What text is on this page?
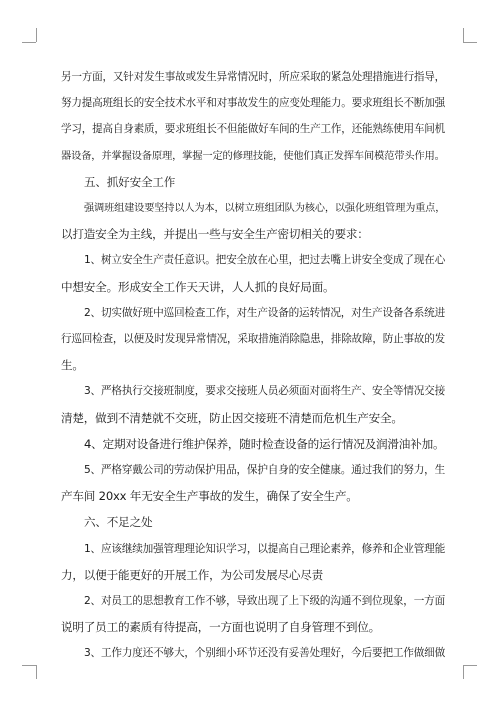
另一方面，又针对发生事故或发生异常情况时，所应采取的紧急处理措施进行指导，
努力提高班组长的安全技术水平和对事故发生的应变处理能力。要求班组长不断加强
学习，提高自身素质，要求班组长不但能做好车间的生产工作，还能熟练使用车间机
器设备，并掌握设备原理，掌握一定的修理技能，使他们真正发挥车间模范带头作用。
五、抓好安全工作
强调班组建设要坚持以人为本，以树立班组团队为核心，以强化班组管理为重点，
以打造安全为主线，并提出一些与安全生产密切相关的要求：
1、树立安全生产责任意识。把安全放在心里，把过去嘴上讲安全变成了现在心
中想安全。形成安全工作天天讲，人人抓的良好局面。
2、切实做好班中巡回检查工作，对生产设备的运转情况，对生产设备各系统进
行巡回检查，以便及时发现异常情况，采取措施消除隐患，排除故障，防止事故的发
生。
3、严格执行交接班制度，要求交接班人员必须面对面将生产、安全等情况交接
清楚，做到不清楚就不交班，防止因交接班不清楚而危机生产安全。
4、定期对设备进行维护保养，随时检查设备的运行情况及润滑油补加。
5、严格穿戴公司的劳动保护用品，保护自身的安全健康。通过我们的努力，生
产车间 20xx 年无安全生产事故的发生，确保了安全生产。
六、不足之处
1、应该继续加强管理理论知识学习，以提高自己理论素养，修养和企业管理能
力，以便于能更好的开展工作，为公司发展尽心尽责
2、对员工的思想教育工作不够，导致出现了上下级的沟通不到位现象，一方面
说明了员工的素质有待提高，一方面也说明了自身管理不到位。
3、工作力度还不够大，个别细小环节还没有妥善处理好，今后要把工作做细做
